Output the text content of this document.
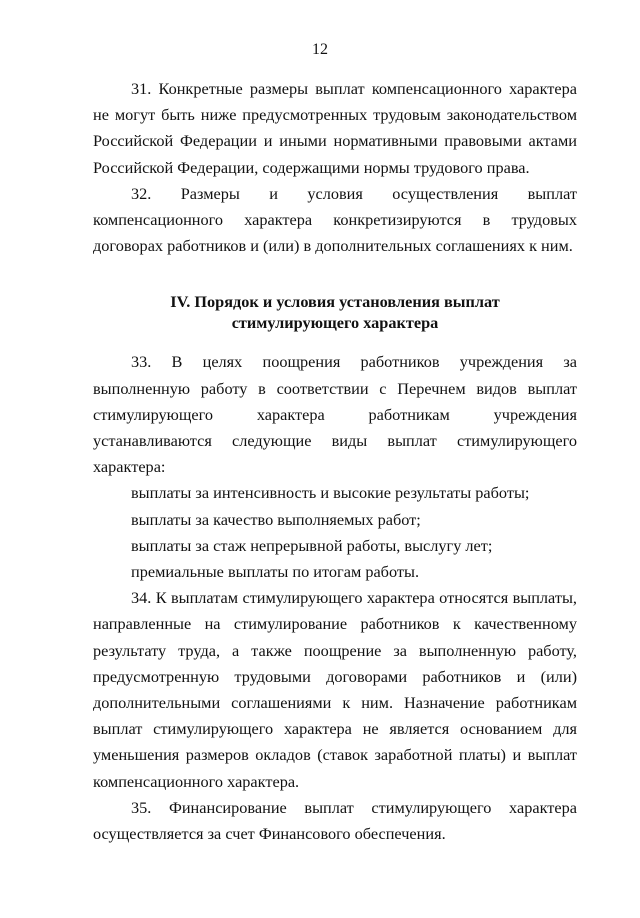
12

31. Конкретные размеры выплат компенсационного характера не могут быть ниже предусмотренных трудовым законодательством Российской Федерации и иными нормативными правовыми актами Российской Федерации, содержащими нормы трудового права.

32. Размеры и условия осуществления выплат компенсационного характера конкретизируются в трудовых договорах работников и (или) в дополнительных соглашениях к ним.

IV. Порядок и условия установления выплат
стимулирующего характера

33. В целях поощрения работников учреждения за выполненную работу в соответствии с Перечнем видов выплат стимулирующего характера работникам учреждения устанавливаются следующие виды выплат стимулирующего характера:

выплаты за интенсивность и высокие результаты работы;

выплаты за качество выполняемых работ;

выплаты за стаж непрерывной работы, выслугу лет;

премиальные выплаты по итогам работы.

34. К выплатам стимулирующего характера относятся выплаты, направленные на стимулирование работников к качественному результату труда, а также поощрение за выполненную работу, предусмотренную трудовыми договорами работников и (или) дополнительными соглашениями к ним. Назначение работникам выплат стимулирующего характера не является основанием для уменьшения размеров окладов (ставок заработной платы) и выплат компенсационного характера.

35. Финансирование выплат стимулирующего характера осуществляется за счет Финансового обеспечения.
